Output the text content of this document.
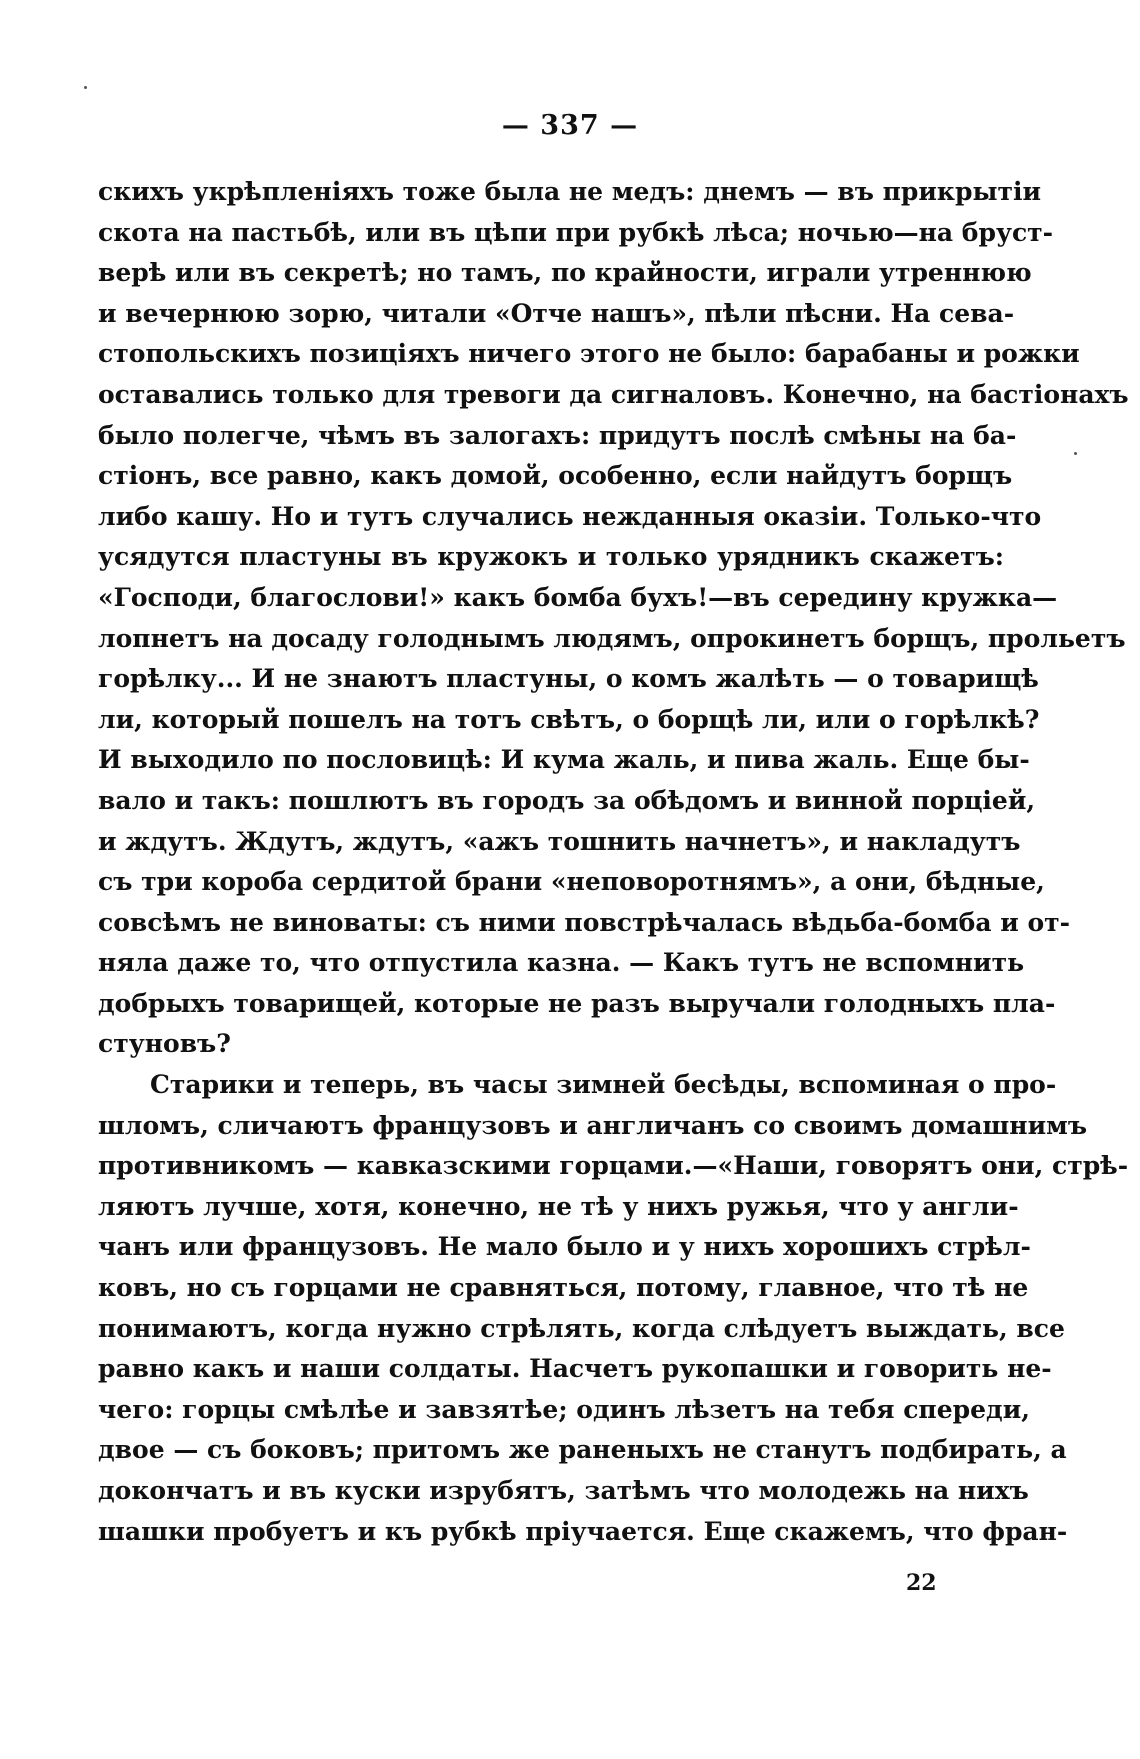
— 337 —
скихъ укрѣпленіяхъ тоже была не медъ: днемъ — въ прикрытіи
скота на пастьбѣ, или въ цѣпи при рубкѣ лѣса; ночью—на бруст-
верѣ или въ секретѣ; но тамъ, по крайности, играли утреннюю
и вечернюю зорю, читали «Отче нашъ», пѣли пѣсни. На сева-
стопольскихъ позиціяхъ ничего этого не было: барабаны и рожки
оставались только для тревоги да сигналовъ. Конечно, на бастіонахъ
было полегче, чѣмъ въ залогахъ: придутъ послѣ смѣны на ба-
стіонъ, все равно, какъ домой, особенно, если найдутъ борщъ
либо кашу. Но и тутъ случались нежданныя оказіи. Только-что
усядутся пластуны въ кружокъ и только урядникъ скажетъ:
«Господи, благослови!» какъ бомба бухъ!—въ середину кружка—
лопнетъ на досаду голоднымъ людямъ, опрокинетъ борщъ, прольетъ
горѣлку... И не знаютъ пластуны, о комъ жалѣть — о товарищѣ
ли, который пошелъ на тотъ свѣтъ, о борщѣ ли, или о горѣлкѣ?
И выходило по пословицѣ: И кума жаль, и пива жаль. Еще бы-
вало и такъ: пошлютъ въ городъ за обѣдомъ и винной порціей,
и ждутъ. Ждутъ, ждутъ, «ажъ тошнить начнетъ», и накладутъ
съ три короба сердитой брани «неповоротнямъ», а они, бѣдные,
совсѣмъ не виноваты: съ ними повстрѣчалась вѣдьба-бомба и от-
няла даже то, что отпустила казна. — Какъ тутъ не вспомнить
добрыхъ товарищей, которые не разъ выручали голодныхъ пла-
стуновъ?
Старики и теперь, въ часы зимней бесѣды, вспоминая о про-
шломъ, сличаютъ французовъ и англичанъ со своимъ домашнимъ
противникомъ — кавказскими горцами.—«Наши, говорятъ они, стрѣ-
ляютъ лучше, хотя, конечно, не тѣ у нихъ ружья, что у англи-
чанъ или французовъ. Не мало было и у нихъ хорошихъ стрѣл-
ковъ, но съ горцами не сравняться, потому, главное, что тѣ не
понимаютъ, когда нужно стрѣлять, когда слѣдуетъ выждать, все
равно какъ и наши солдаты. Насчетъ рукопашки и говорить не-
чего: горцы смѣлѣе и завзятѣе; одинъ лѣзетъ на тебя спереди,
двое — съ боковъ; притомъ же раненыхъ не станутъ подбирать, а
докончатъ и въ куски изрубятъ, затѣмъ что молодежь на нихъ
шашки пробуетъ и къ рубкѣ пріучается. Еще скажемъ, что фран-
22
